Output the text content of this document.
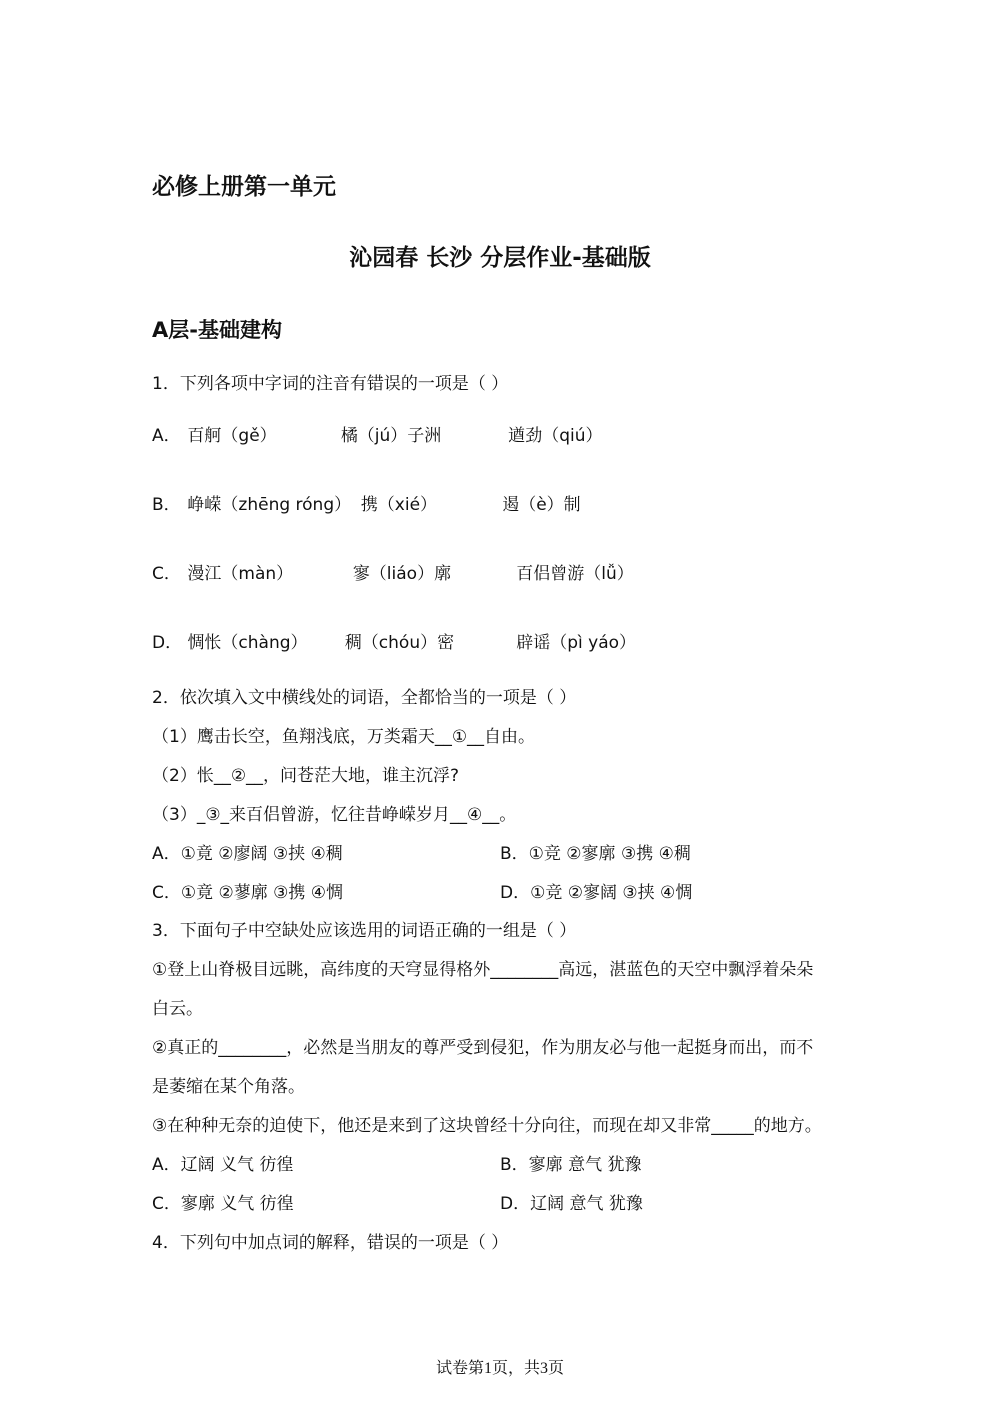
必修上册第一单元
沁园春 长沙 分层作业-基础版
A层-基础建构
1．下列各项中字词的注音有错误的一项是（ ）
A． 百舸（gě）	橘（jú）子洲	遒劲（qiú）
B． 峥嵘（zhēng róng） 携（xié）	遏（è）制
C． 漫江（màn）	寥（liáo）廓	百侣曾游（lǚ）
D． 惆怅（chàng） 稠（chóu）密	辟谣（pì yáo）
2．依次填入文中横线处的词语，全都恰当的一项是（ ）
（1）鹰击长空，鱼翔浅底，万类霜天__①__自由。
（2）怅__②__，问苍茫大地，谁主沉浮?
（3）_③_来百侣曾游，忆往昔峥嵘岁月__④__。
A．①竟 ②廖阔 ③挟 ④稠	B．①竞 ②寥廓 ③携 ④稠
C．①竟 ②蓼廓 ③携 ④惆	D．①竞 ②寥阔 ③挟 ④惆
3．下面句子中空缺处应该选用的词语正确的一组是（ ）
①登上山脊极目远眺，高纬度的天穹显得格外________高远，湛蓝色的天空中飘浮着朵朵
白云。
②真正的________，必然是当朋友的尊严受到侵犯，作为朋友必与他一起挺身而出，而不
是萎缩在某个角落。
③在种种无奈的迫使下，他还是来到了这块曾经十分向往，而现在却又非常_____的地方。
A．辽阔 义气 彷徨	B．寥廓 意气 犹豫
C．寥廓 义气 彷徨	D．辽阔 意气 犹豫
4．下列句中加点词的解释，错误的一项是（ ）
试卷第1页，共3页
